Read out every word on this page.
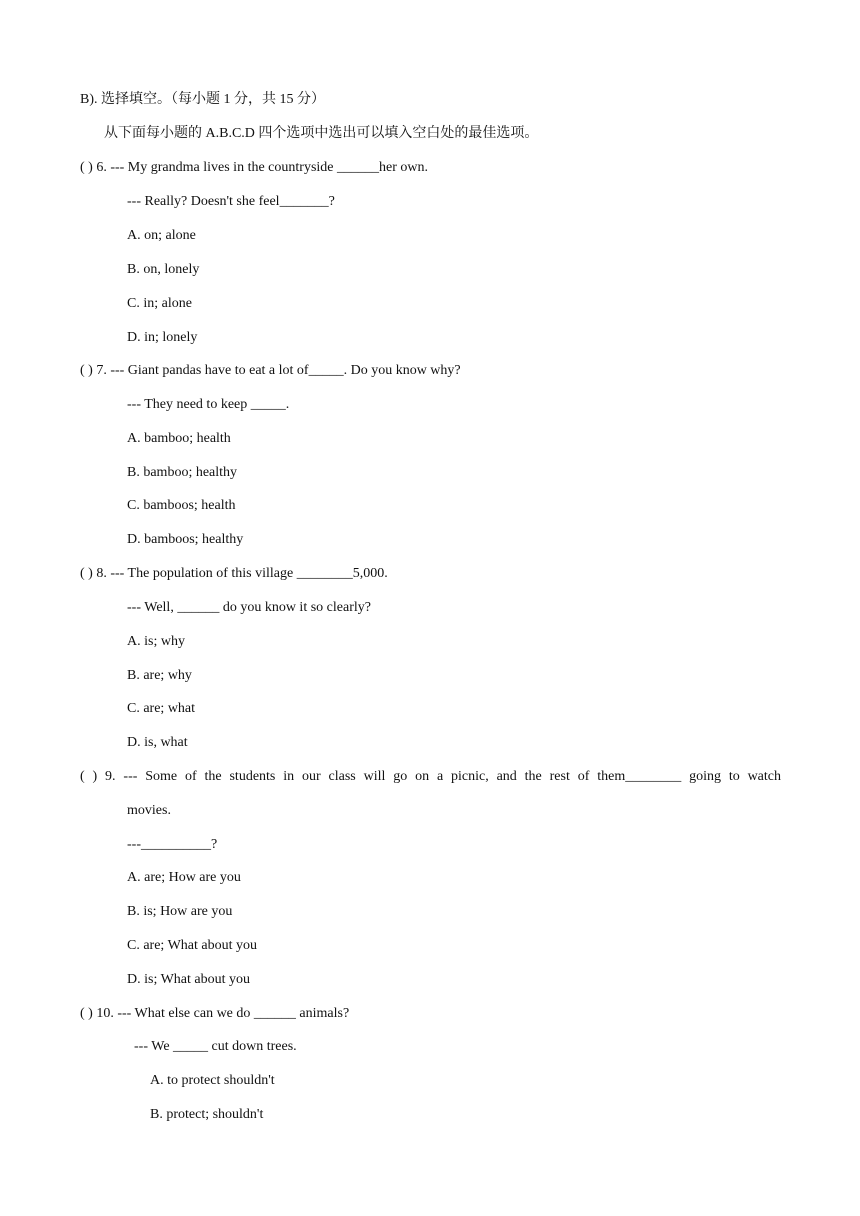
B). 选择填空。（每小题 1 分，共 15 分）
从下面每小题的 A.B.C.D 四个选项中选出可以填入空白处的最佳选项。
( ) 6. --- My grandma lives in the countryside ______her own.
--- Really? Doesn't she feel_______?
A. on; alone
B. on, lonely
C. in; alone
D. in; lonely
( ) 7. --- Giant pandas have to eat a lot of_____. Do you know why?
--- They need to keep _____.
A. bamboo; health
B. bamboo; healthy
C. bamboos; health
D. bamboos; healthy
( ) 8. --- The population of this village ________5,000.
--- Well, ______ do you know it so clearly?
A. is; why
B. are; why
C. are; what
D. is, what
( ) 9. --- Some of the students in our class will go on a picnic, and the rest of them________ going to watch
movies.
---__________?
A. are; How are you
B. is; How are you
C. are; What about you
D. is; What about you
( ) 10. --- What else can we do ______ animals?
--- We _____ cut down trees.
A. to protect shouldn't
B. protect; shouldn't
